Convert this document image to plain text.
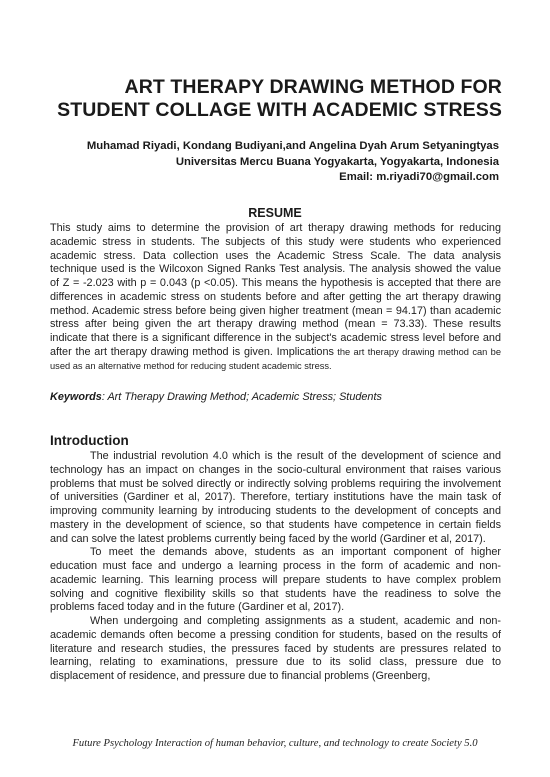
ART THERAPY DRAWING METHOD FOR
STUDENT COLLAGE WITH ACADEMIC STRESS
Muhamad Riyadi, Kondang Budiyani,and Angelina Dyah Arum Setyaningtyas
Universitas Mercu Buana Yogyakarta, Yogyakarta, Indonesia
Email: m.riyadi70@gmail.com
RESUME
This study aims to determine the provision of art therapy drawing methods for reducing academic stress in students. The subjects of this study were students who experienced academic stress. Data collection uses the Academic Stress Scale. The data analysis technique used is the Wilcoxon Signed Ranks Test analysis. The analysis showed the value of Z = -2.023 with p = 0.043 (p <0.05). This means the hypothesis is accepted that there are differences in academic stress on students before and after getting the art therapy drawing method. Academic stress before being given higher treatment (mean = 94.17) than academic stress after being given the art therapy drawing method (mean = 73.33). These results indicate that there is a significant difference in the subject's academic stress level before and after the art therapy drawing method is given. Implications the art therapy drawing method can be used as an alternative method for reducing student academic stress.
Keywords: Art Therapy Drawing Method; Academic Stress; Students
Introduction

The industrial revolution 4.0 which is the result of the development of science and technology has an impact on changes in the socio-cultural environment that raises various problems that must be solved directly or indirectly solving problems requiring the involvement of universities (Gardiner et al, 2017). Therefore, tertiary institutions have the main task of improving community learning by introducing students to the development of concepts and mastery in the development of science, so that students have competence in certain fields and can solve the latest problems currently being faced by the world (Gardiner et al, 2017).

To meet the demands above, students as an important component of higher education must face and undergo a learning process in the form of academic and non-academic learning. This learning process will prepare students to have complex problem solving and cognitive flexibility skills so that students have the readiness to solve the problems faced today and in the future (Gardiner et al, 2017).

When undergoing and completing assignments as a student, academic and non-academic demands often become a pressing condition for students, based on the results of literature and research studies, the pressures faced by students are pressures related to learning, relating to examinations, pressure due to its solid class, pressure due to displacement of residence, and pressure due to financial problems (Greenberg,

Future Psychology Interaction of human behavior, culture, and technology to create Society 5.0
